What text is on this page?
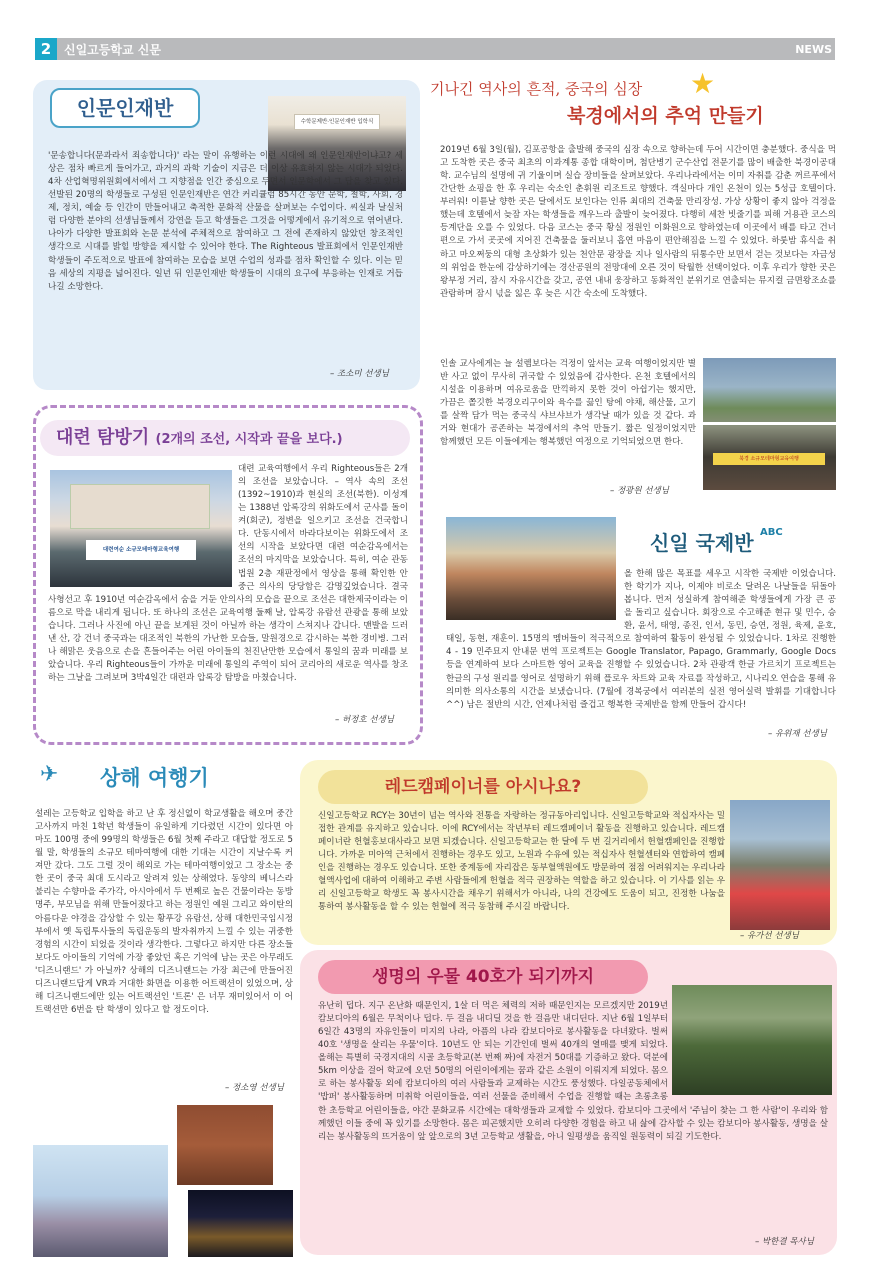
2	신일고등학교 신문	NEWS
인문인재반
수학문제반·인문인재반 입학식
'문송합니다(문과라서 죄송합니다)' 라는 말이 유행하는 이런 시대에 왜 인문인재반이냐고? 세상은 점차 빠르게 들어가고, 과거의 과학 기술이 지금은 더 이상 유효하지 않는 시대가 되었다. 4차 산업혁명위원회에서에서 그 지향점을 인간 중심으로 두면서 인문학에서 그 답을 찾고 있다. 선발된 20명의 학생들로 구성된 인문인재반은 연간 커리큘럼 85시간 동안 문학, 철학, 사회, 경제, 정치, 예술 등 인간이 만들어내고 축적한 문화적 산물을 살펴보는 수업이다. 씨실과 날실처럼 다양한 분야의 선생님들께서 강연을 듣고 학생들은 그것을 어떻게에서 유기적으로 엮어낸다. 나아가 다양한 발표회와 논문 분석에 주체적으로 참여하고 그 전에 존재하지 않았던 창조적인 생각으로 시대를 밝힐 방향을 제시할 수 있어야 한다. The Righteous 발표회에서 인문인재반 학생들이 주도적으로 발표에 참여하는 모습을 보면 수업의 성과를 점차 확인할 수 있다. 이는 믿음 세상의 지평을 넓어진다. 일년 뒤 인문인재반 학생들이 시대의 요구에 부응하는 인재로 거듭나길 소망한다.
– 조소미 선생님
기나긴 역사의 흔적, 중국의 심장 ★
북경에서의 추억 만들기
2019년 6월 3일(월), 김포공항을 출발해 중국의 심장 속으로 향하는데 두어 시간이면 충분했다. 중식을 먹고 도착한 곳은 중국 최초의 이과계통 종합 대학이며, 첨단병기 군수산업 전문기를 많이 배출한 북경이공대학. 교수님의 설명에 귀 기울이며 실습 장비들을 살펴보았다. 우리나라에서는 이미 자취를 감춘 꺼르푸에서 간단한 쇼핑을 한 후 우리는 숙소인 춘휘원 리조트로 향했다. 객실마다 개인 온천이 있는 5성급 호텔이다. 부러워! 이튿날 향한 곳은 달에서도 보인다는 인류 최대의 건축물 만리장성. 가상 상황이 좋지 않아 걱정을 했는데 호텔에서 늦잠 자는 학생들을 깨우느라 출발이 늦어졌다. 다행히 세찬 빗줄기를 피해 거용관 코스의 등계단을 오를 수 있었다. 다음 코스는 중국 황실 정원인 이화원으로 향하였는데 이곳에서 배를 타고 건너편으로 가서 곳곳에 지어진 건축물을 둘러보니 흡연 마음이 편안해짐을 느낄 수 있었다. 하룻밤 휴식을 취하고 마오쩌둥의 대형 초상화가 있는 천안문 광장을 지나 일사람의 뒤통수만 보면서 걷는 것보다는 자금성의 위엄을 한눈에 감상하기에는 경산공원의 전망대에 오른 것이 탁월한 선택이었다. 이후 우리가 향한 곳은 왕부정 거리, 잠시 자유시간을 갖고, 공연 내내 웅장하고 동화적인 분위기로 연출되는 뮤지컬 금면왕조쇼를 관람하며 잠시 넋을 잃은 후 늦은 시간 숙소에 도착했다.
인솔 교사에게는 늘 설렘보다는 걱정이 앞서는 교육 여행이었지만 별반 사고 없이 무사히 귀국할 수 있었음에 감사한다. 온천 호텔에서의 시설을 이용하며 여유로움을 만끽하지 못한 것이 아쉽기는 했지만, 가끔은 쫄깃한 북경오리구이와 육수를 끓인 탕에 야채, 해산물, 고기를 살짝 담가 먹는 중국식 샤브샤브가 생각날 때가 있을 것 같다. 과거와 현대가 공존하는 북경에서의 추억 만들기. 짧은 일정이었지만 함께했던 모든 이들에게는 행복했던 여정으로 기억되었으면 한다.
– 정광원 선생님
북경 소규모테마형교육여행
대련 탐방기 (2개의 조선, 시작과 끝을 보다.)
대련여순 소규모테마형교육여행
대련 교육여행에서 우리 Righteous들은 2개의 조선을 보았습니다. – 역사 속의 조선(1392~1910)과 현실의 조선(북한). 이성계는 1388년 압록강의 위화도에서 군사를 돌이켜(회군), 정변을 일으키고 조선을 건국합니다. 단동시에서 바라다보이는 위화도에서 조선의 시작을 보았다면 대련 여순감옥에서는 조선의 마지막을 보았습니다. 특히, 여순 관동법원 2층 재판정에서 영상을 통해 확인한 안중근 의사의 당당함은 감명깊었습니다. 결국 사형선고 후 1910년 여순감옥에서 숨을 거둔 안의사의 모습을 끝으로 조선은 대한제국이라는 이름으로 막을 내리게 됩니다. 또 하나의 조선은 교육여행 둘째 날, 압록강 유람선 관광을 통해 보았습니다. 그러나 사진에 아닌 끝을 보게된 것이 아닐까 하는 생각이 스쳐지나 갑니다. 맨발을 드러낸 산, 강 건너 중국과는 대조적인 북한의 가난한 모습들, 말원경으로 감시하는 북한 경비병. 그러나 해맑은 웃음으로 손을 흔들어주는 어린 아이들의 천진난만한 모습에서 통일의 꿈과 미래를 보았습니다. 우리 Righteous들이 가까운 미래에 통일의 주역이 되어 코리아의 새로운 역사를 창조하는 그날을 그려보며 3박4일간 대련과 압록강 탐방을 마쳤습니다.
– 허정호 선생님
신일 국제반 ABC
올 한해 많은 목표를 세우고 시작한 국제반 이었습니다. 한 학기가 지나, 이제야 비로소 달려온 나날들을 뒤돌아봅니다. 먼저 성실하게 참여해준 학생들에게 가장 큰 공을 돌리고 싶습니다. 회장으로 수고해준 현규 및 민수, 승환, 윤서, 태영, 종진, 인서, 동민, 승연, 정원, 육제, 윤호, 태일, 동현, 재훈이. 15명의 멤버들이 적극적으로 참여하여 활동이 완성될 수 있었습니다. 1차로 진행한 4 - 19 민주묘지 안내문 번역 프로젝트는 Google Translator, Papago, Grammarly, Google Docs 등을 연계하여 보다 스마트한 영어 교육을 진행할 수 있었습니다. 2차 관광객 한글 가르치기 프로젝트는 한글의 구성 원리를 영어로 설명하기 위해 플로우 차트와 교육 자료를 작성하고, 시나리오 연습을 통해 유의미한 의사소통의 시간을 보냈습니다. (7월에 경복궁에서 여러분의 실전 영어실력 발휘를 기대합니다^^) 남은 절반의 시간, 언제나처럼 즐겁고 행복한 국제반을 함께 만들어 갑시다!
– 유위재 선생님
✈︎	상해 여행기
설레는 고등학교 입학을 하고 난 후 정신없이 학교생활을 해오며 중간고사까지 마친 1학년 학생들이 유일하게 기다렸던 시간이 있다면 아마도 100명 중에 99명의 학생들은 6월 첫째 주라고 대답할 정도로 5월 말, 학생들의 소규모 테마여행에 대한 기대는 시간이 지날수록 커져만 갔다. 그도 그럴 것이 해외로 가는 테마여행이었고 그 장소는 중 한 곳이 중국 최대 도시라고 알려져 있는 상해였다. 동양의 베니스라 불리는 수향마을 주가각, 아시아에서 두 번째로 높은 건물이라는 동방명주, 부모님을 위해 만들어졌다고 하는 정원인 예원 그리고 와이탄의 아름다운 야경을 감상할 수 있는 황푸강 유람선, 상해 대한민국임시정부에서 옛 독립투사들의 독립운동의 발자취까지 느낄 수 있는 귀중한 경험의 시간이 되었을 것이라 생각한다. 그렇다고 하지만 다른 장소들보다도 아이들의 기억에 가장 좋았던 혹은 기억에 남는 곳은 아무래도 '디즈니랜드' 가 아닐까? 상해의 디즈니랜드는 가장 최근에 만들어진 디즈니랜드답게 VR과 거대한 화면을 이용한 어트랙션이 있었으며, 상해 디즈니랜드에만 있는 어트랙션인 '트론' 은 너무 재미있어서 이 어트랙션만 6번을 탄 학생이 있다고 할 정도이다.
– 정소영 선생님
레드캠페이너를 아시나요?
신일고등학교 RCY는 30년이 넘는 역사와 전통을 자랑하는 정규동아리입니다. 신일고등학교와 적십자사는 밀접한 관계를 유지하고 있습니다. 이에 RCY에서는 작년부터 레드캠페이너 활동을 진행하고 있습니다. 레드캠페이너란 헌혈홍보대사라고 보면 되겠습니다. 신일고등학교는 한 달에 두 번 길거리에서 헌혈캠페인을 진행합니다. 가까운 미아역 근처에서 진행하는 경우도 있고, 노원과 수유에 있는 적십자사 헌혈센터와 연합하여 캠페인을 진행하는 경우도 있습니다. 또한 중계동에 자리잡은 동부혈액원에도 방문하여 점점 어려워지는 우리나라 혈액사업에 대하여 이해하고 주변 사람들에게 헌혈을 적극 권장하는 역할을 하고 있습니다. 이 기사를 읽는 우리 신일고등학교 학생도 꼭 봉사시간을 채우기 위해서가 아니라, 나의 건강에도 도움이 되고, 진정한 나눔을 통하여 봉사활동을 할 수 있는 헌혈에 적극 동참해 주시길 바랍니다.
– 유가선 선생님
생명의 우물 40호가 되기까지
유난히 덥다. 지구 온난화 때문인지, 1살 더 먹은 체력의 저하 때문인지는 모르겠지만 2019년 캄보디아의 6월은 무척이나 덥다. 두 걸음 내디딜 것을 한 걸음만 내디딘다. 지난 6월 1일부터 6일간 43명의 자유인들이 미지의 나라, 아픔의 나라 캄보디아로 봉사활동을 다녀왔다. 벌써 40호 '생명을 살리는 우물'이다. 10년도 안 되는 기간인데 벌써 40개의 열매를 맺게 되었다. 올해는 특별히 국경지대의 시골 초등학교(본 번째 짜)에 자전거 50대를 기증하고 왔다. 덕분에 5km 이상을 걸어 학교에 오던 50명의 어린이에게는 꿈과 같은 소원이 이뤄지게 되었다. 몸으로 하는 봉사활동 외에 캄보디아의 여러 사람들과 교제하는 시간도 풍성했다. 다일공동체에서 '밥퍼' 봉사활동하며 미취학 어린이들을, 여러 선물을 준비해서 수업을 진행할 때는 초롱초롱한 초등학교 어린이들을, 야간 문화교류 시간에는 대학생들과 교제할 수 있었다. 캄보디아 그곳에서 '주님이 찾는 그 한 사람'이 우리와 함께했던 이들 중에 꼭 있기를 소망한다. 몸은 피곤했지만 오히려 다양한 경험을 하고 내 삶에 감사할 수 있는 캄보디아 봉사활동, 생명을 살리는 봉사활동의 뜨거움이 앞 앞으로의 3년 고등학교 생활을, 아니 일평생을 움직일 원동력이 되길 기도한다.
– 박한결 목사님
